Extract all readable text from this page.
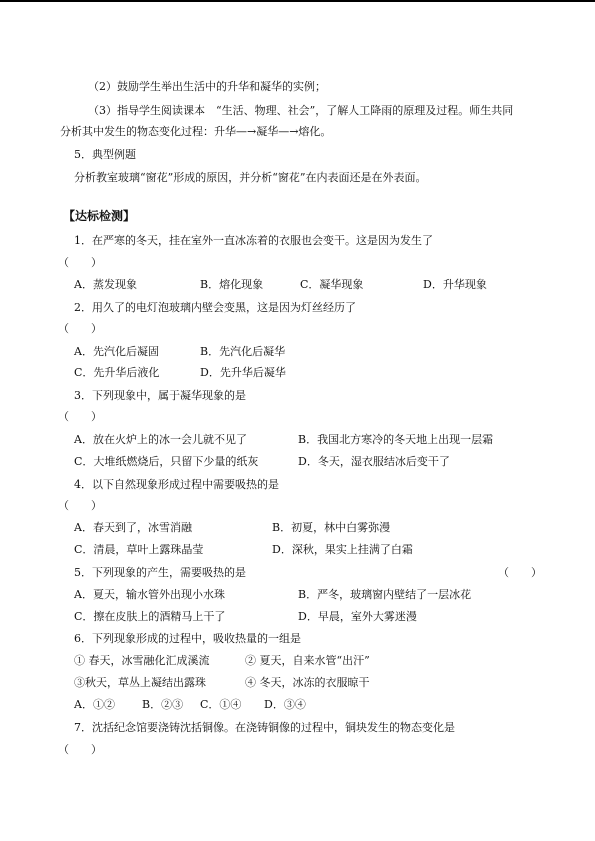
（2）鼓励学生举出生活中的升华和凝华的实例；
（3）指导学生阅读课本　“生活、物理、社会”，了解人工降雨的原理及过程。师生共同
分析其中发生的物态变化过程：升华—→凝华—→熔化。
5．典型例题
分析教室玻璃“窗花”形成的原因，并分析“窗花”在内表面还是在外表面。
【达标检测】
1．在严寒的冬天，挂在室外一直冰冻着的衣服也会变干。这是因为发生了
（　　）
A．蒸发现象	B．熔化现象	C．凝华现象	D．升华现象
2．用久了的电灯泡玻璃内壁会变黑，这是因为灯丝经历了
（　　）
A．先汽化后凝固	B．先汽化后凝华
C．先升华后液化	D．先升华后凝华
3．下列现象中，属于凝华现象的是
（　　）
A．放在火炉上的冰一会儿就不见了	B．我国北方寒冷的冬天地上出现一层霜
C．大堆纸燃烧后，只留下少量的纸灰	D．冬天，湿衣服结冰后变干了
4．以下自然现象形成过程中需要吸热的是
（　　）
A．春天到了，冰雪消融	B．初夏，林中白雾弥漫
C．清晨，草叶上露珠晶莹	D．深秋，果实上挂满了白霜
5．下列现象的产生，需要吸热的是	（　　）
A．夏天，输水管外出现小水珠	B．严冬，玻璃窗内壁结了一层冰花
C．擦在皮肤上的酒精马上干了	D．早晨，室外大雾迷漫
6．下列现象形成的过程中，吸收热量的一组是
① 春天，冰雪融化汇成溪流	② 夏天，自来水管“出汗”
③秋天，草丛上凝结出露珠	④ 冬天，冰冻的衣服晾干
A．①② B．②③ C．①④ D．③④
7．沈括纪念馆要浇铸沈括铜像。在浇铸铜像的过程中，铜块发生的物态变化是
（　　）
